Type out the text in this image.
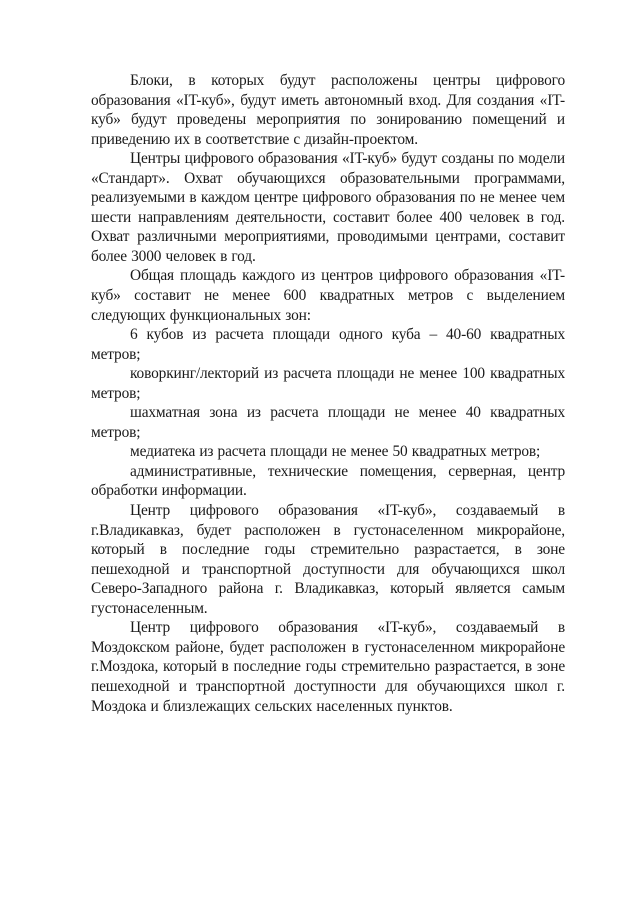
Блоки, в которых будут расположены центры цифрового образования «IT-куб», будут иметь автономный вход. Для создания «IT-куб» будут проведены мероприятия по зонированию помещений и приведению их в соответствие с дизайн-проектом.

Центры цифрового образования «IT-куб» будут созданы по модели «Стандарт». Охват обучающихся образовательными программами, реализуемыми в каждом центре цифрового образования по не менее чем шести направлениям деятельности, составит более 400 человек в год. Охват различными мероприятиями, проводимыми центрами, составит более 3000 человек в год.

Общая площадь каждого из центров цифрового образования «IT-куб» составит не менее 600 квадратных метров с выделением следующих функциональных зон:

6 кубов из расчета площади одного куба – 40-60 квадратных метров;

коворкинг/лекторий из расчета площади не менее 100 квадратных метров;

шахматная зона из расчета площади не менее 40 квадратных метров;

медиатека из расчета площади не менее 50 квадратных метров;

административные, технические помещения, серверная, центр обработки информации.

Центр цифрового образования «IT-куб», создаваемый в г.Владикавказ, будет расположен в густонаселенном микрорайоне, который в последние годы стремительно разрастается, в зоне пешеходной и транспортной доступности для обучающихся школ Северо-Западного района г. Владикавказ, который является самым густонаселенным.

Центр цифрового образования «IT-куб», создаваемый в Моздокском районе, будет расположен в густонаселенном микрорайоне г.Моздока, который в последние годы стремительно разрастается, в зоне пешеходной и транспортной доступности для обучающихся школ г. Моздока и близлежащих сельских населенных пунктов.
